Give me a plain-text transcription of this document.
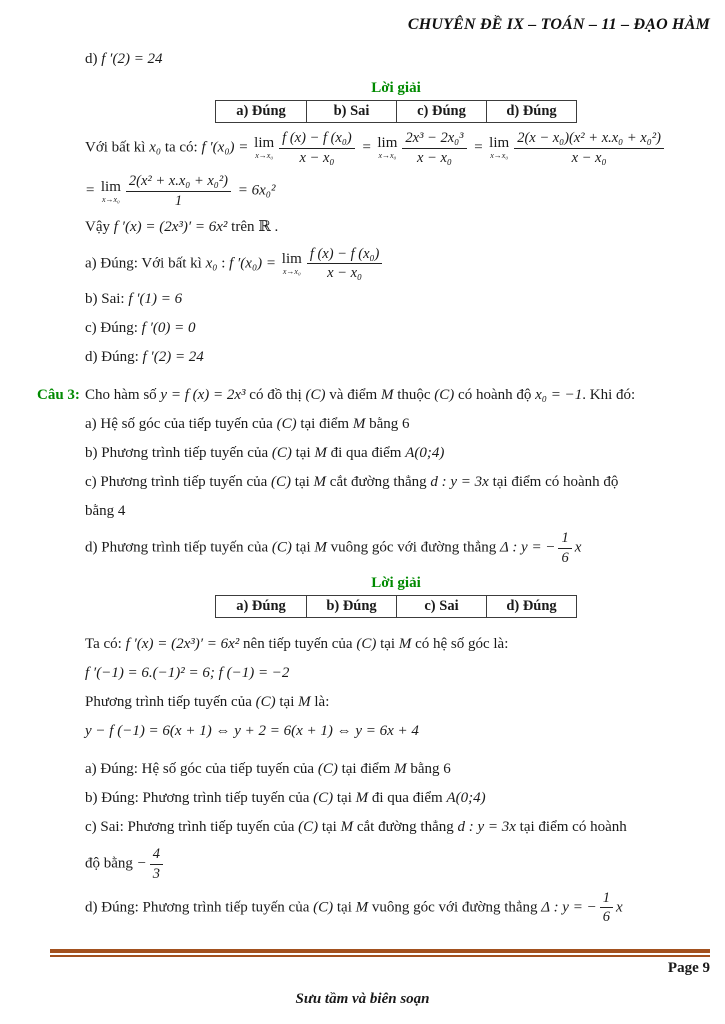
CHUYÊN ĐỀ IX – TOÁN – 11 – ĐẠO HÀM
d) f ′(2) = 24
Lời giải
a) Đúng	b) Sai	c) Đúng	d) Đúng
Với bất kì x₀ ta có: f ′(x₀) = lim
$x\to x_0 \frac{\text{f (x) − f (x₀)}}{\text{x − x₀}} = \lim$
$x\to x_0 \frac{\text{2x³ − 2x₀³}}{\text{x − x₀}} = \lim$
$x\to x_0 \frac{\text{2(x − x₀)(x² + x.x₀ + x₀²)}}{\text{x − x₀}}$
= lim
$x\to x_0 \frac{\text{2(x² + x.x₀ + x₀²)}}{1} = 6x_0^2$
Vậy f ′(x) = (2x³)′ = 6x² trên ℝ .
a) Đúng: Với bất kì x₀ : f ′(x₀) = lim
$x\to x_0 \frac{\text{f (x) − f (x₀)}}{\text{x − x₀}}$
b) Sai: f ′(1) = 6
c) Đúng: f ′(0) = 0
d) Đúng: f ′(2) = 24
Câu 3: Cho hàm số y = f (x) = 2x³ có đồ thị (C) và điểm M thuộc (C) có hoành độ x₀ = −1. Khi đó:
a) Hệ số góc của tiếp tuyến của (C) tại điểm M bằng 6
b) Phương trình tiếp tuyến của (C) tại M đi qua điểm A(0;4)
c) Phương trình tiếp tuyến của (C) tại M cắt đường thẳng d : y = 3x tại điểm có hoành độ
bằng 4
d) Phương trình tiếp tuyến của (C) tại M vuông góc với đường thẳng Δ : y = − $\frac{1}{6}$ x
Lời giải
a) Đúng	b) Đúng	c) Sai	d) Đúng
Ta có: f ′(x) = (2x³)′ = 6x² nên tiếp tuyến của (C) tại M có hệ số góc là:
f ′(−1) = 6.(−1)² = 6; f (−1) = −2
Phương trình tiếp tuyến của (C) tại M là:
y − f (−1) = 6(x + 1) ⇔ y + 2 = 6(x + 1) ⇔ y = 6x + 4
a) Đúng: Hệ số góc của tiếp tuyến của (C) tại điểm M bằng 6
b) Đúng: Phương trình tiếp tuyến của (C) tại M đi qua điểm A(0;4)
c) Sai: Phương trình tiếp tuyến của (C) tại M cắt đường thẳng d : y = 3x tại điểm có hoành
độ bằng − $\frac{4}{3}$
d) Đúng: Phương trình tiếp tuyến của (C) tại M vuông góc với đường thẳng Δ : y = − $\frac{1}{6}$ x
Page 9
Sưu tầm và biên soạn
